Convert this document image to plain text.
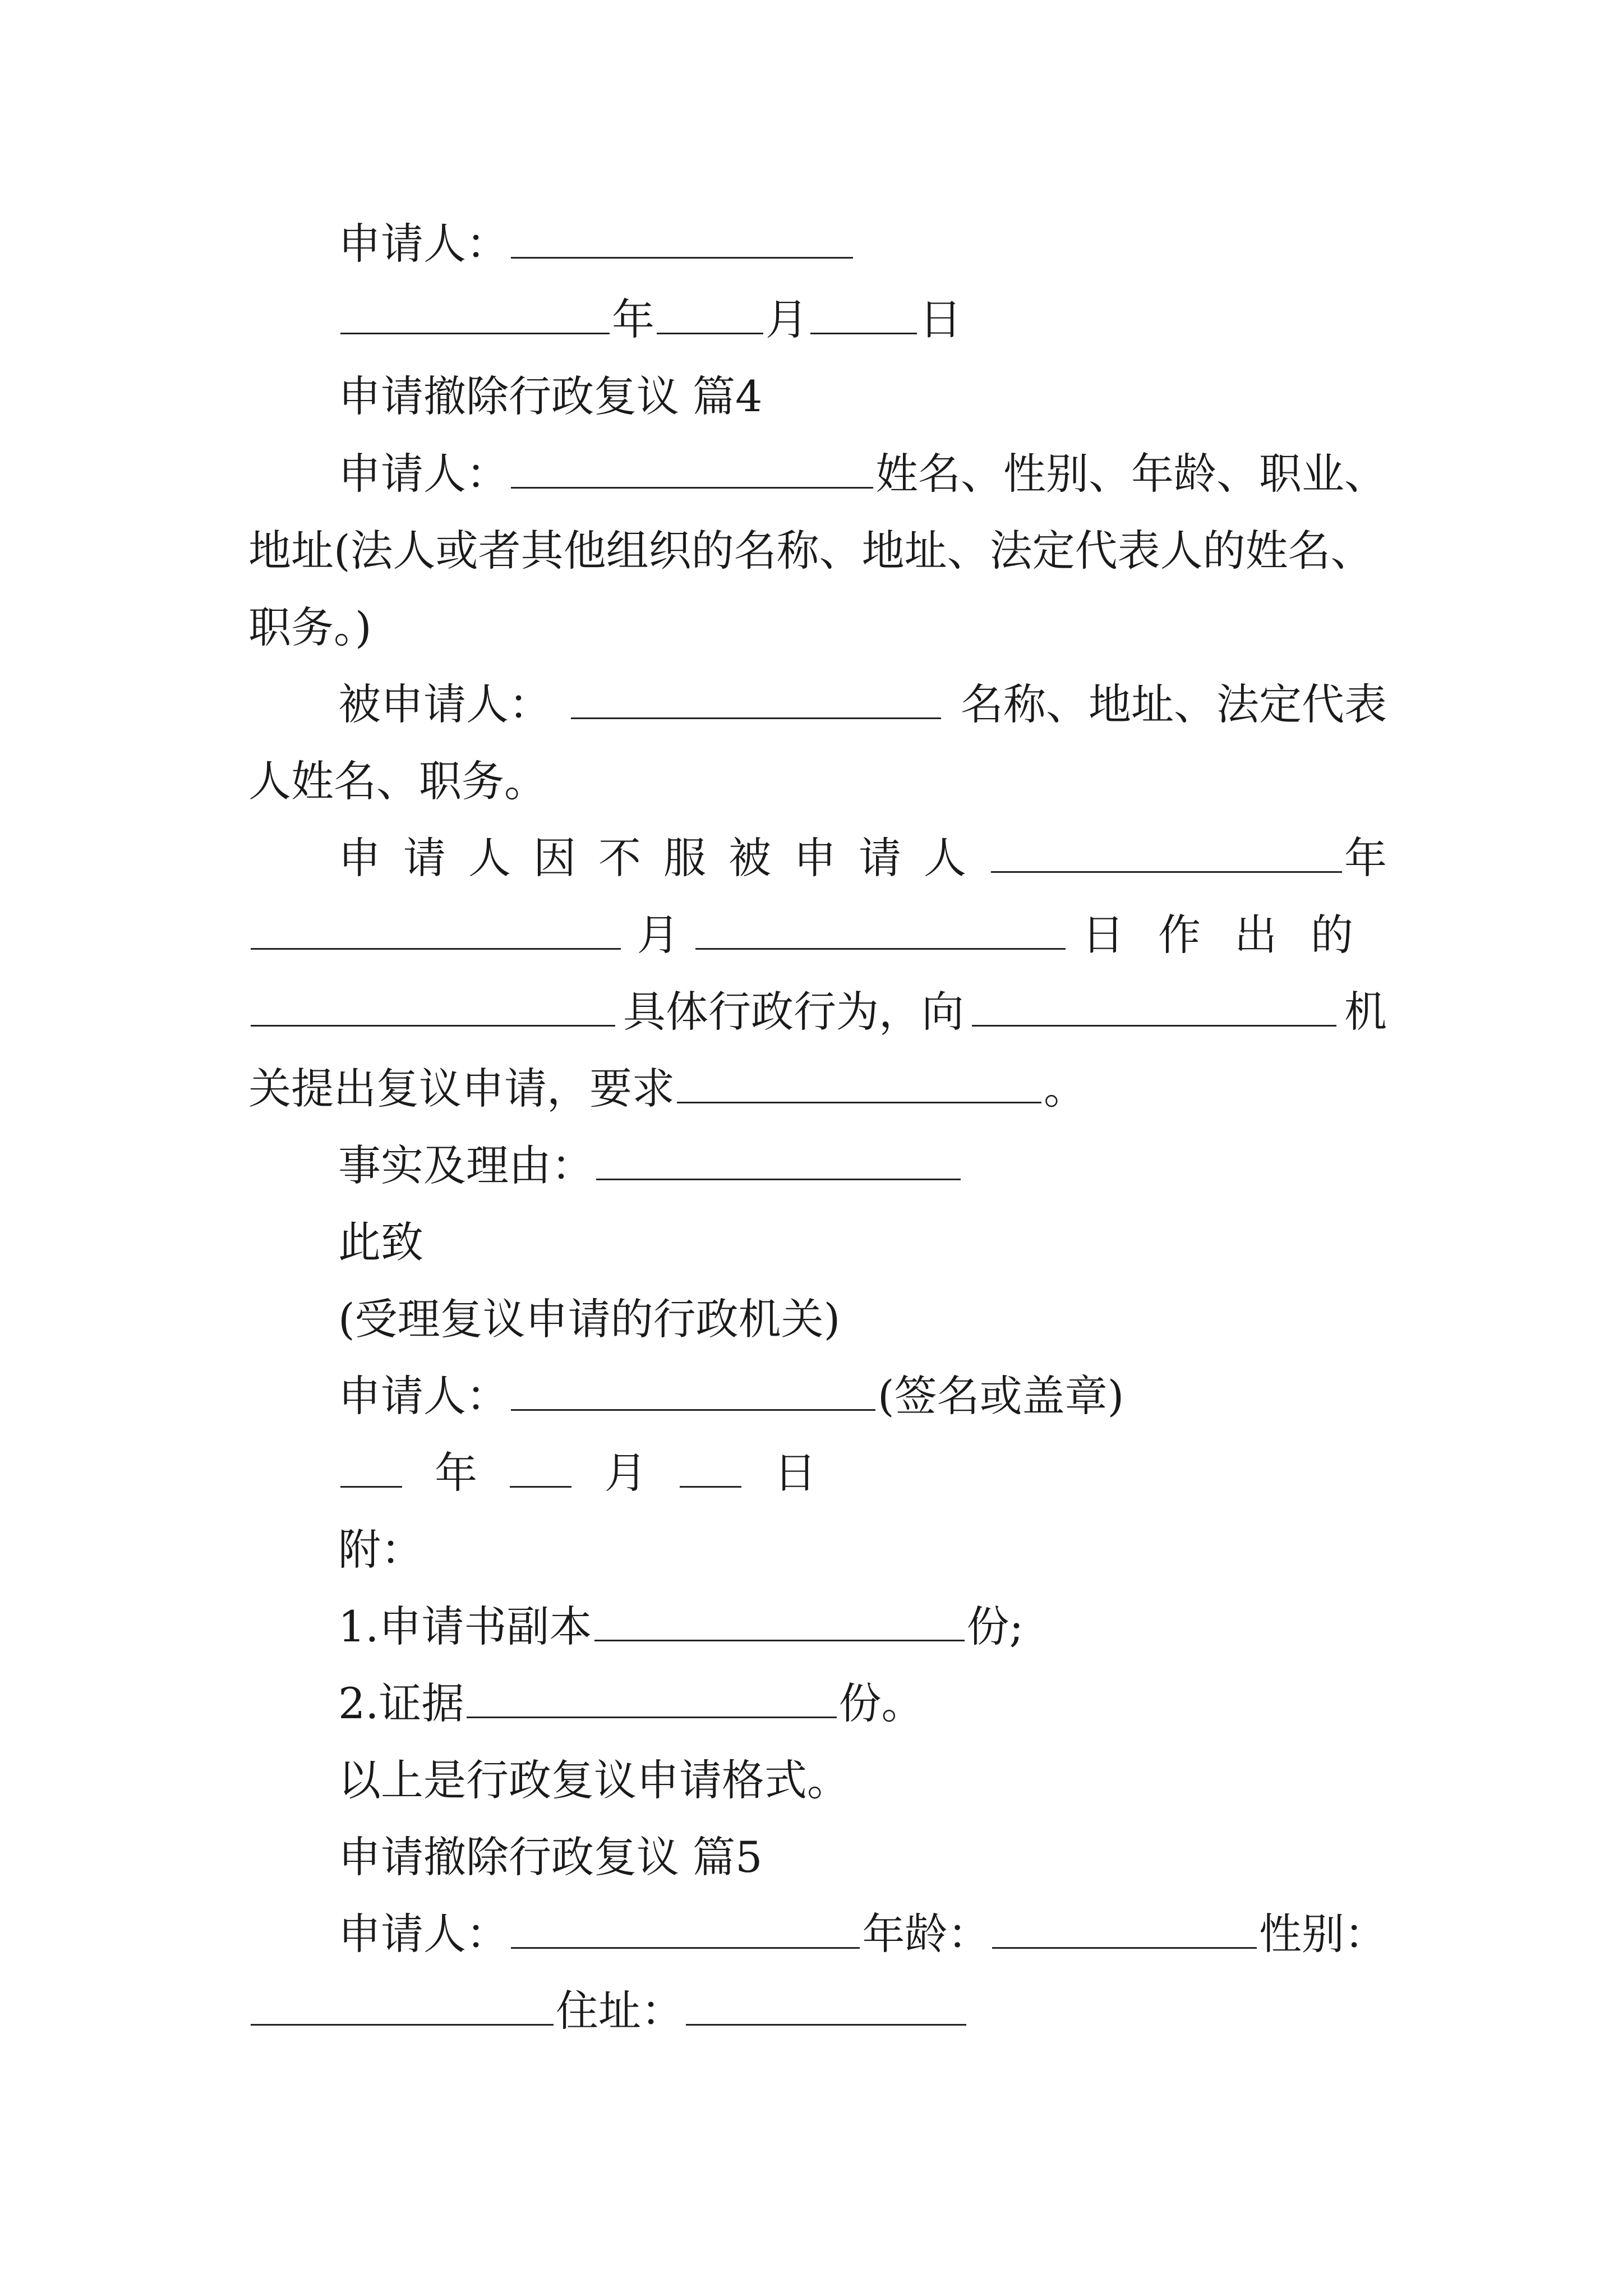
申请人：
年	月	日
申请撤除行政复议 篇4
申请人：	姓名、性别、年龄、职业、
地址(法人或者其他组织的名称、地址、法定代表人的姓名、
职务。)
被申请人：	名称、地址、法定代表
人姓名、职务。
申请人因不服被申请人	年
月	日作出的
具体行政行为，向	机
关提出复议申请，要求	。
事实及理由：
此致
(受理复议申请的行政机关)
申请人：	(签名或盖章)
年	月	日
附：
1.申请书副本	份;
2.证据	份。
以上是行政复议申请格式。
申请撤除行政复议 篇5
申请人：	年龄：	性别：
住址：
